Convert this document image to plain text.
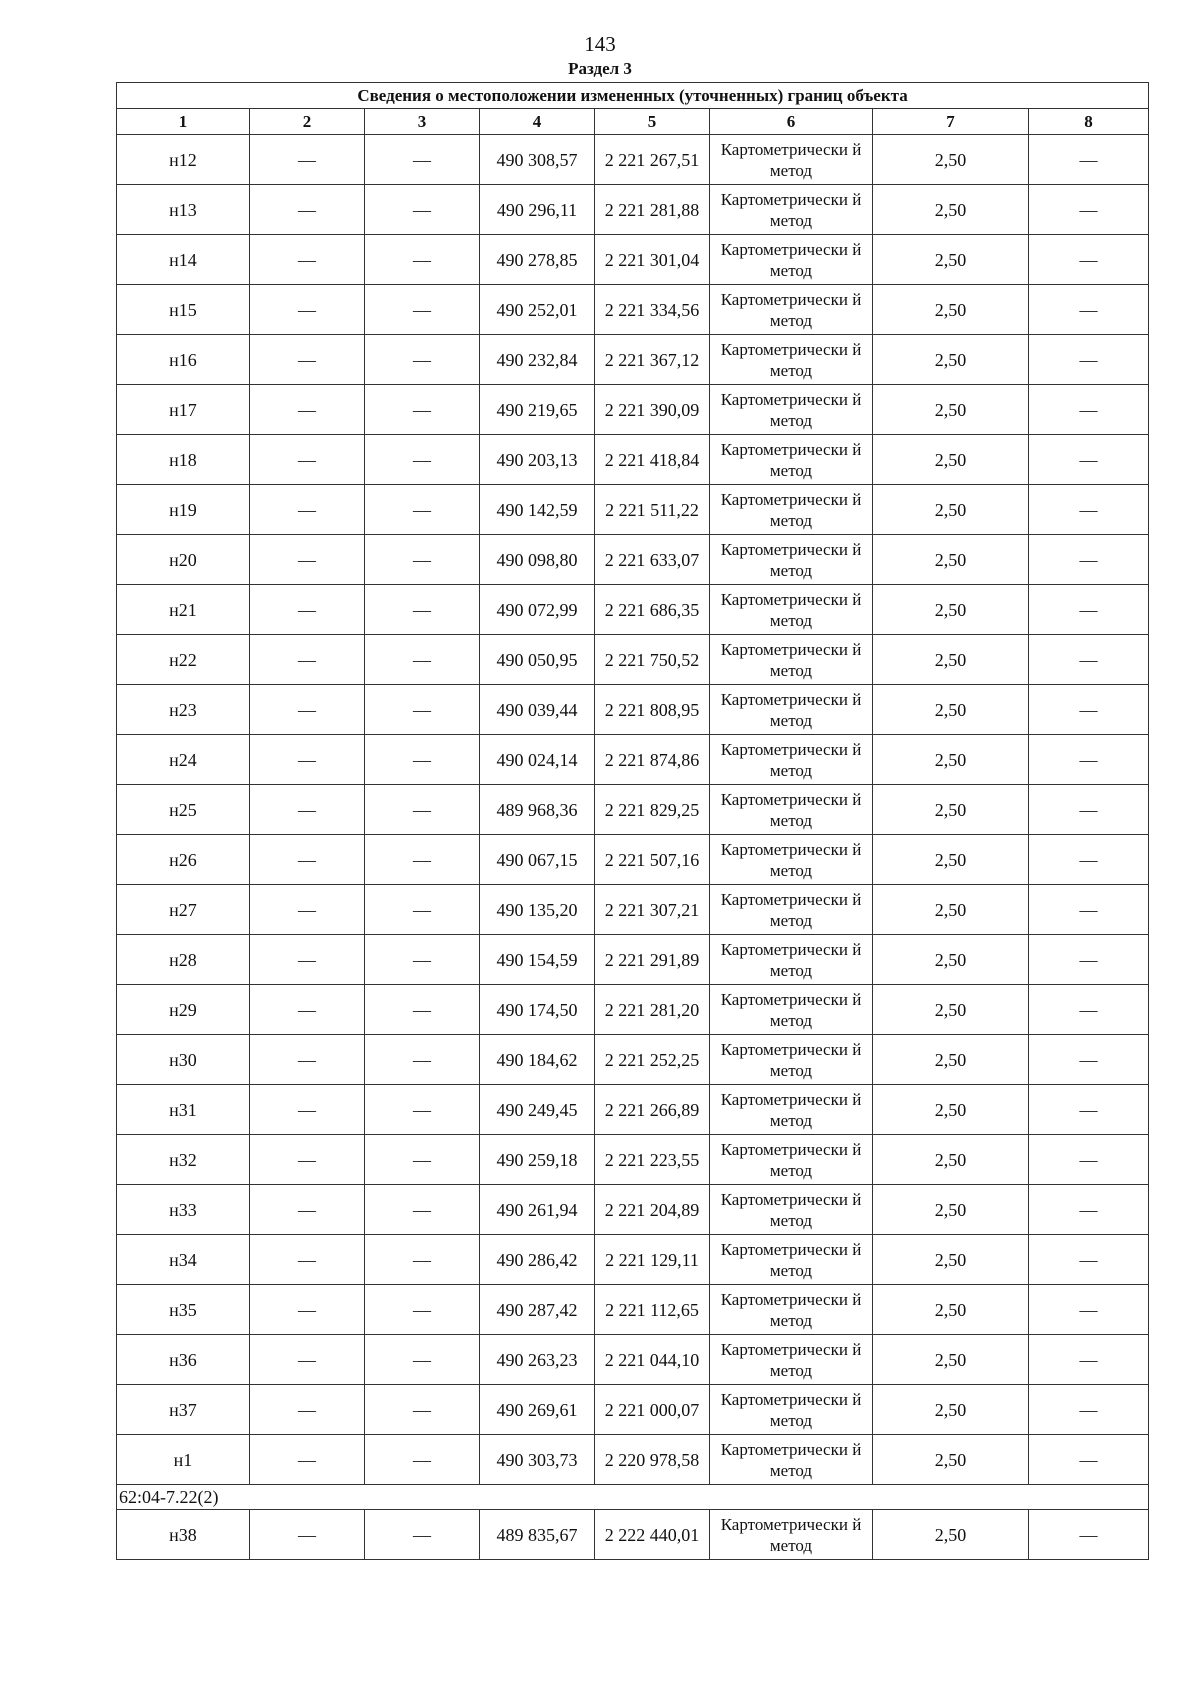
143
Раздел 3
Сведения о местоположении измененных (уточненных) границ объекта							
1	2	3	4	5	6	7	8
н12	—	—	490 308,57	2 221 267,51	Картометрически й метод	2,50	—
н13	—	—	490 296,11	2 221 281,88	Картометрически й метод	2,50	—
н14	—	—	490 278,85	2 221 301,04	Картометрически й метод	2,50	—
н15	—	—	490 252,01	2 221 334,56	Картометрически й метод	2,50	—
н16	—	—	490 232,84	2 221 367,12	Картометрически й метод	2,50	—
н17	—	—	490 219,65	2 221 390,09	Картометрически й метод	2,50	—
н18	—	—	490 203,13	2 221 418,84	Картометрически й метод	2,50	—
н19	—	—	490 142,59	2 221 511,22	Картометрически й метод	2,50	—
н20	—	—	490 098,80	2 221 633,07	Картометрически й метод	2,50	—
н21	—	—	490 072,99	2 221 686,35	Картометрически й метод	2,50	—
н22	—	—	490 050,95	2 221 750,52	Картометрически й метод	2,50	—
н23	—	—	490 039,44	2 221 808,95	Картометрически й метод	2,50	—
н24	—	—	490 024,14	2 221 874,86	Картометрически й метод	2,50	—
н25	—	—	489 968,36	2 221 829,25	Картометрически й метод	2,50	—
н26	—	—	490 067,15	2 221 507,16	Картометрически й метод	2,50	—
н27	—	—	490 135,20	2 221 307,21	Картометрически й метод	2,50	—
н28	—	—	490 154,59	2 221 291,89	Картометрически й метод	2,50	—
н29	—	—	490 174,50	2 221 281,20	Картометрически й метод	2,50	—
н30	—	—	490 184,62	2 221 252,25	Картометрически й метод	2,50	—
н31	—	—	490 249,45	2 221 266,89	Картометрически й метод	2,50	—
н32	—	—	490 259,18	2 221 223,55	Картометрически й метод	2,50	—
н33	—	—	490 261,94	2 221 204,89	Картометрически й метод	2,50	—
н34	—	—	490 286,42	2 221 129,11	Картометрически й метод	2,50	—
н35	—	—	490 287,42	2 221 112,65	Картометрически й метод	2,50	—
н36	—	—	490 263,23	2 221 044,10	Картометрически й метод	2,50	—
н37	—	—	490 269,61	2 221 000,07	Картометрически й метод	2,50	—
н1	—	—	490 303,73	2 220 978,58	Картометрически й метод	2,50	—
62:04-7.22(2)							
н38	—	—	489 835,67	2 222 440,01	Картометрически й метод	2,50	—
